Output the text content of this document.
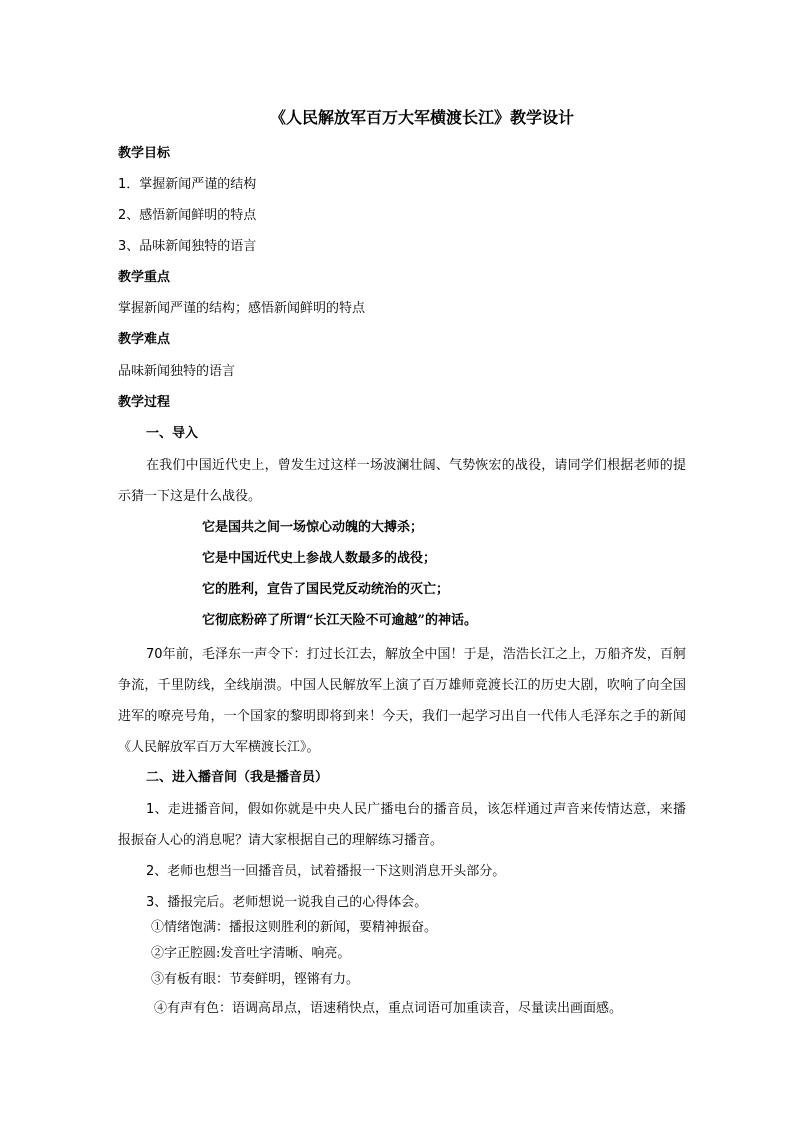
《人民解放军百万大军横渡长江》教学设计
教学目标
1．掌握新闻严谨的结构
2、感悟新闻鲜明的特点
3、品味新闻独特的语言
教学重点
掌握新闻严谨的结构；感悟新闻鲜明的特点
教学难点
品味新闻独特的语言
教学过程
一、导入
在我们中国近代史上，曾发生过这样一场波澜壮阔、气势恢宏的战役，请同学们根据老师的提示猜一下这是什么战役。
它是国共之间一场惊心动魄的大搏杀；
它是中国近代史上参战人数最多的战役；
它的胜利，宣告了国民党反动统治的灭亡；
它彻底粉碎了所谓“长江天险不可逾越”的神话。
70年前，毛泽东一声令下：打过长江去，解放全中国！于是，浩浩长江之上，万船齐发，百舸争流，千里防线，全线崩溃。中国人民解放军上演了百万雄师竟渡长江的历史大剧，吹响了向全国进军的嘹亮号角，一个国家的黎明即将到来！今天，我们一起学习出自一代伟人毛泽东之手的新闻《人民解放军百万大军横渡长江》。
二、进入播音间（我是播音员）
1、走进播音间，假如你就是中央人民广播电台的播音员，该怎样通过声音来传情达意，来播报振奋人心的消息呢？请大家根据自己的理解练习播音。
2、老师也想当一回播音员，试着播报一下这则消息开头部分。
3、播报完后。老师想说一说我自己的心得体会。
①情绪饱满：播报这则胜利的新闻，要精神振奋。
②字正腔圆:发音吐字清晰、响亮。
③有板有眼：节奏鲜明，铿锵有力。
④有声有色：语调高昂点，语速稍快点，重点词语可加重读音，尽量读出画面感。
